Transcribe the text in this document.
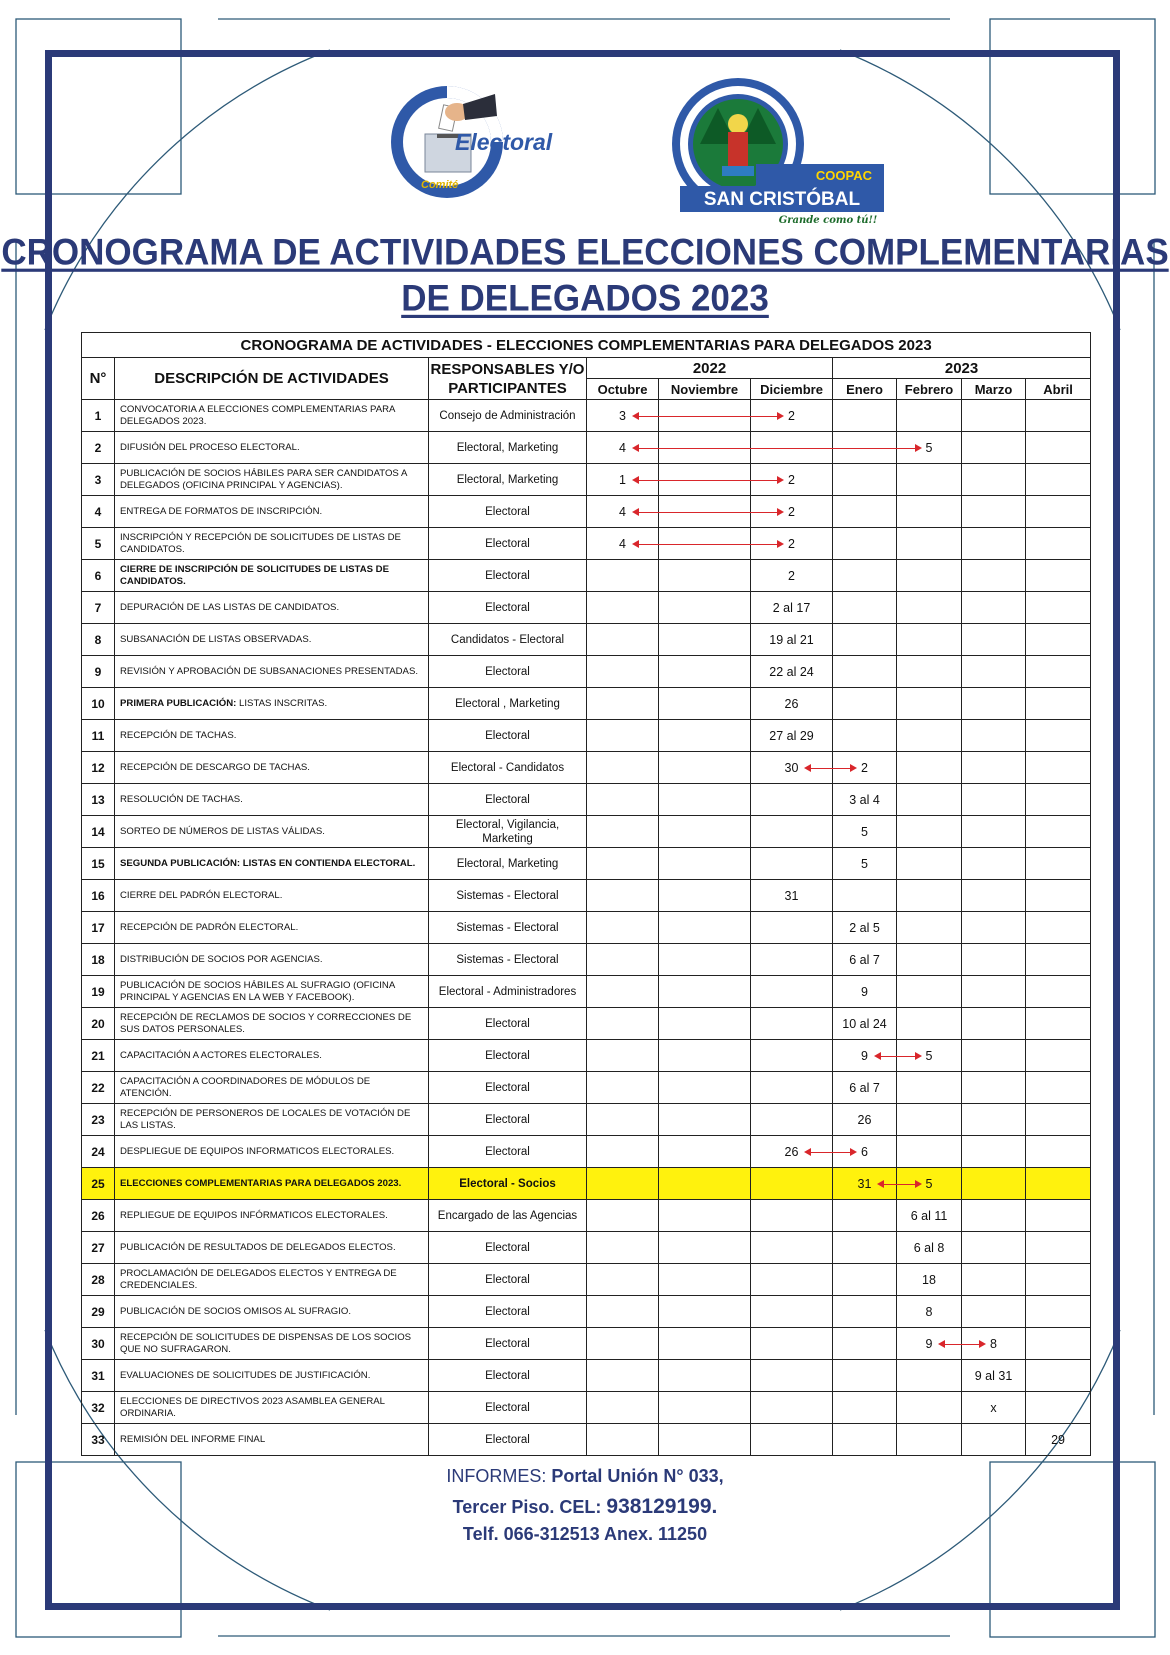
Electoral
Comité
COOPAC
SAN CRISTÓBAL
Grande como tú!!
CRONOGRAMA DE ACTIVIDADES ELECCIONES COMPLEMENTARIAS
DE DELEGADOS 2023
CRONOGRAMA DE ACTIVIDADES - ELECCIONES COMPLEMENTARIAS PARA DELEGADOS 2023									
N°	DESCRIPCIÓN DE ACTIVIDADES	RESPONSABLES Y/O PARTICIPANTES	2022			2023			
			Octubre	Noviembre	Diciembre	Enero	Febrero	Marzo	Abril
1	CONVOCATORIA A ELECCIONES COMPLEMENTARIAS PARA DELEGADOS 2023.	Consejo de Administración	3		2				
2	DIFUSIÓN DEL PROCESO ELECTORAL.	Electoral, Marketing	4				5		
3	PUBLICACIÓN DE SOCIOS HÁBILES PARA SER CANDIDATOS A DELEGADOS (OFICINA PRINCIPAL Y AGENCIAS).	Electoral, Marketing	1		2				
4	ENTREGA DE FORMATOS DE INSCRIPCIÓN.	Electoral	4		2				
5	INSCRIPCIÓN Y RECEPCIÓN DE SOLICITUDES DE LISTAS DE CANDIDATOS.	Electoral	4		2				
6	CIERRE DE INSCRIPCIÓN DE SOLICITUDES DE LISTAS DE CANDIDATOS.	Electoral			2				
7	DEPURACIÓN DE LAS LISTAS DE CANDIDATOS.	Electoral			2 al 17				
8	SUBSANACIÓN DE LISTAS OBSERVADAS.	Candidatos - Electoral			19 al 21				
9	REVISIÓN Y APROBACIÓN DE SUBSANACIONES PRESENTADAS.	Electoral			22 al 24				
10	PRIMERA PUBLICACIÓN: LISTAS INSCRITAS.	Electoral , Marketing			26				
11	RECEPCIÓN DE TACHAS.	Electoral			27 al 29				
12	RECEPCIÓN DE DESCARGO DE TACHAS.	Electoral - Candidatos			30	2			
13	RESOLUCIÓN DE TACHAS.	Electoral				3 al 4			
14	SORTEO DE NÚMEROS DE LISTAS VÁLIDAS.	Electoral, Vigilancia, Marketing				5			
15	SEGUNDA PUBLICACIÓN: LISTAS EN CONTIENDA ELECTORAL.	Electoral, Marketing				5			
16	CIERRE DEL PADRÓN ELECTORAL.	Sistemas - Electoral			31				
17	RECEPCIÓN DE PADRÓN ELECTORAL.	Sistemas - Electoral				2 al 5			
18	DISTRIBUCIÓN DE SOCIOS POR AGENCIAS.	Sistemas - Electoral				6 al 7			
19	PUBLICACIÓN DE SOCIOS HÁBILES AL SUFRAGIO (OFICINA PRINCIPAL Y AGENCIAS EN LA WEB Y FACEBOOK).	Electoral - Administradores				9			
20	RECEPCIÓN DE RECLAMOS DE SOCIOS Y CORRECCIONES DE SUS DATOS PERSONALES.	Electoral				10 al 24			
21	CAPACITACIÓN A ACTORES ELECTORALES.	Electoral				9	5		
22	CAPACITACIÓN A COORDINADORES DE MÓDULOS DE ATENCIÓN.	Electoral				6 al 7			
23	RECEPCIÓN DE PERSONEROS DE LOCALES DE VOTACIÓN DE LAS LISTAS.	Electoral				26			
24	DESPLIEGUE DE EQUIPOS INFORMATICOS ELECTORALES.	Electoral			26	6			
25	ELECCIONES COMPLEMENTARIAS PARA DELEGADOS 2023.	Electoral - Socios				31	5		
26	REPLIEGUE DE EQUIPOS INFÓRMATICOS ELECTORALES.	Encargado de las Agencias					6 al 11		
27	PUBLICACIÓN DE RESULTADOS DE DELEGADOS ELECTOS.	Electoral					6 al 8		
28	PROCLAMACIÓN DE DELEGADOS ELECTOS Y ENTREGA DE CREDENCIALES.	Electoral					18		
29	PUBLICACIÓN DE SOCIOS OMISOS AL SUFRAGIO.	Electoral					8		
30	RECEPCIÓN DE SOLICITUDES DE DISPENSAS DE LOS SOCIOS QUE NO SUFRAGARON.	Electoral					9	8	
31	EVALUACIONES DE SOLICITUDES DE JUSTIFICACIÓN.	Electoral						9 al 31	
32	ELECCIONES DE DIRECTIVOS 2023 ASAMBLEA GENERAL ORDINARIA.	Electoral						x	
33	REMISIÓN DEL INFORME FINAL	Electoral							29
INFORMES: Portal Unión N° 033,
Tercer Piso. CEL: 938129199.
Telf. 066-312513 Anex. 11250
